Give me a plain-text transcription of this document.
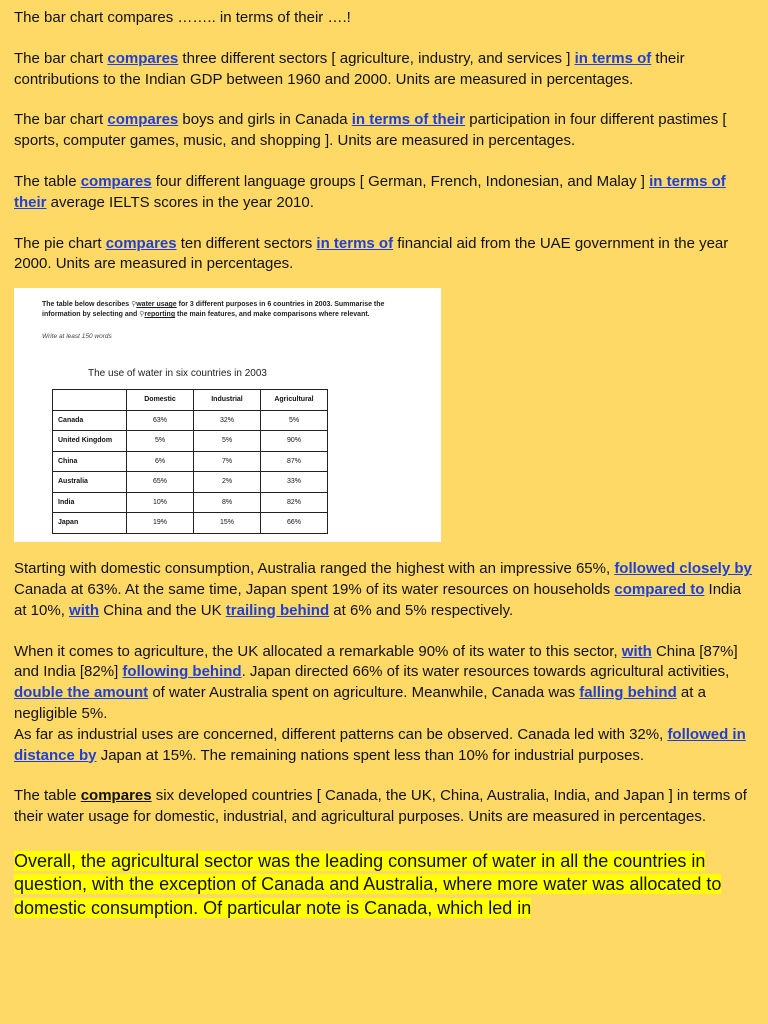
The bar chart compares …….. in terms of their ….!

The bar chart compares three different sectors [ agriculture, industry, and services ] in terms of their contributions to the Indian GDP between 1960 and 2000. Units are measured in percentages.

The bar chart compares boys and girls in Canada in terms of their participation in four different pastimes [ sports, computer games, music, and shopping ]. Units are measured in percentages.

The table compares four different language groups [ German, French, Indonesian, and Malay ] in terms of their average IELTS scores in the year 2010.

The pie chart compares ten different sectors in terms of financial aid from the UAE government in the year 2000. Units are measured in percentages.

The table below describes ⚲water usage for 3 different purposes in 6 countries in 2003. Summarise the information by selecting and ⚲reporting the main features, and make comparisons where relevant.
Write at least 150 words
The use of water in six countries in 2003
	Domestic	Industrial	Agricultural
Canada	63%	32%	5%
United Kingdom	5%	5%	90%
China	6%	7%	87%
Australia	65%	2%	33%
India	10%	8%	82%
Japan	19%	15%	66%

Starting with domestic consumption, Australia ranged the highest with an impressive 65%, followed closely by Canada at 63%. At the same time, Japan spent 19% of its water resources on households compared to India at 10%, with China and the UK trailing behind at 6% and 5% respectively.

When it comes to agriculture, the UK allocated a remarkable 90% of its water to this sector, with China [87%] and India [82%] following behind. Japan directed 66% of its water resources towards agricultural activities, double the amount of water Australia spent on agriculture. Meanwhile, Canada was falling behind at a negligible 5%.

As far as industrial uses are concerned, different patterns can be observed. Canada led with 32%, followed in distance by Japan at 15%. The remaining nations spent less than 10% for industrial purposes.

The table compares six developed countries [ Canada, the UK, China, Australia, India, and Japan ] in terms of their water usage for domestic, industrial, and agricultural purposes. Units are measured in percentages.

Overall, the agricultural sector was the leading consumer of water in all the countries in question, with the exception of Canada and Australia, where more water was allocated to domestic consumption. Of particular note is Canada, which led in
